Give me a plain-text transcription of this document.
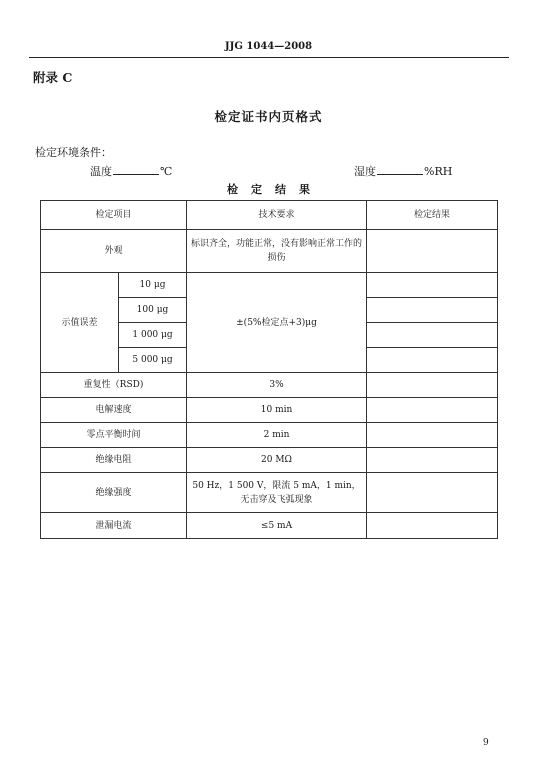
JJG 1044—2008
附录 C
检定证书内页格式
检定环境条件：
温度	℃	湿度	%RH
检定结果
检定项目		技术要求	检定结果
外观		标识齐全，功能正常，没有影响正常工作的损伤	
示值误差	10 μg	±(5%检定点+3)μg	
	100 μg		
	1 000 μg		
	5 000 μg		
重复性（RSD)		3%	
电解速度		10 min	
零点平衡时间		2 min	
绝缘电阻		20 MΩ	
绝缘强度		50 Hz，1 500 V，限流 5 mA，1 min，
无击穿及飞弧现象	

泄漏电流		≤5 mA	
9
